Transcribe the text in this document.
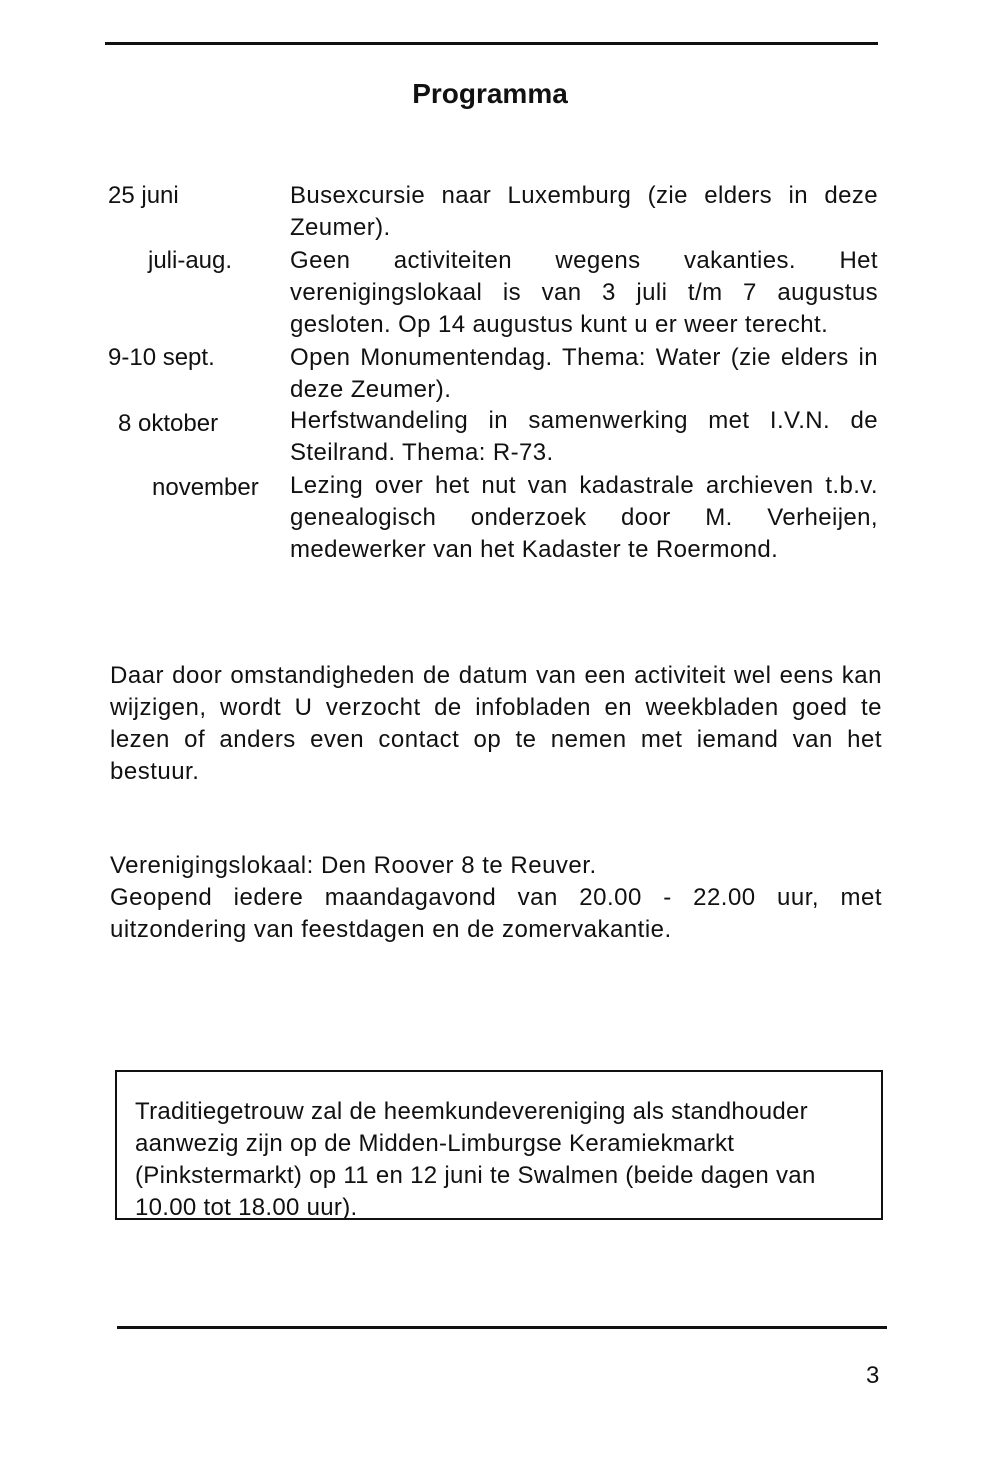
Programma
25 juni	Busexcursie naar Luxemburg (zie elders in deze Zeumer).
juli-aug. Geen activiteiten wegens vakanties. Het verenigingslokaal is van 3 juli t/m 7 augustus gesloten. Op 14 augustus kunt u er weer terecht.
9-10 sept.	Open Monumentendag. Thema: Water (zie elders in deze Zeumer).
8 oktober	Herfstwandeling in samenwerking met I.V.N. de Steilrand. Thema: R-73.
november Lezing over het nut van kadastrale archieven t.b.v. genealogisch onderzoek door M. Verheijen, medewerker van het Kadaster te Roermond.
Daar door omstandigheden de datum van een activiteit wel eens kan wijzigen, wordt U verzocht de infobladen en weekbladen goed te lezen of anders even contact op te nemen met iemand van het bestuur.
Verenigingslokaal: Den Roover 8 te Reuver.
Geopend iedere maandagavond van 20.00 - 22.00 uur, met uitzondering van feestdagen en de zomervakantie.
Traditiegetrouw zal de heemkundevereniging als standhouder aanwezig zijn op de Midden-Limburgse Keramiekmarkt (Pinkstermarkt) op 11 en 12 juni te Swalmen (beide dagen van 10.00 tot 18.00 uur).
3
